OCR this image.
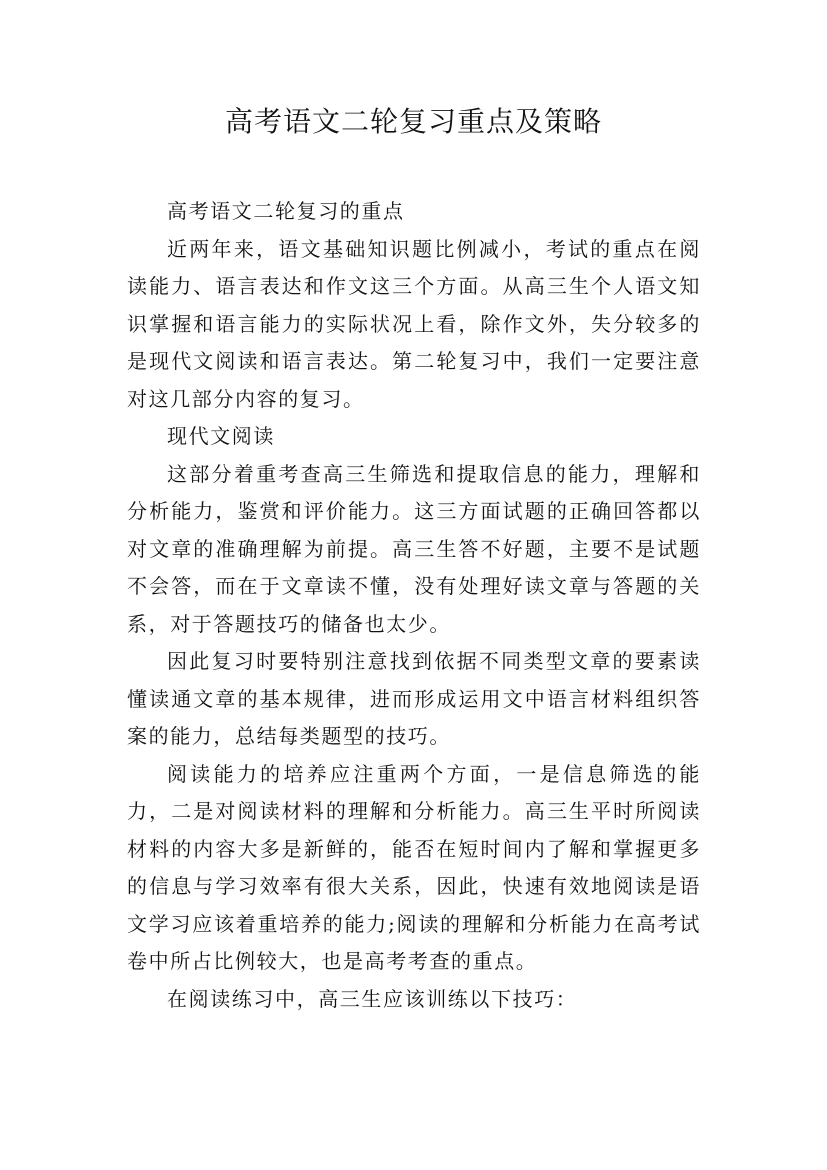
高考语文二轮复习重点及策略

高考语文二轮复习的重点

近两年来，语文基础知识题比例减小，考试的重点在阅读能力、语言表达和作文这三个方面。从高三生个人语文知识掌握和语言能力的实际状况上看，除作文外，失分较多的是现代文阅读和语言表达。第二轮复习中，我们一定要注意对这几部分内容的复习。

现代文阅读

这部分着重考查高三生筛选和提取信息的能力，理解和分析能力，鉴赏和评价能力。这三方面试题的正确回答都以对文章的准确理解为前提。高三生答不好题，主要不是试题不会答，而在于文章读不懂，没有处理好读文章与答题的关系，对于答题技巧的储备也太少。

因此复习时要特别注意找到依据不同类型文章的要素读懂读通文章的基本规律，进而形成运用文中语言材料组织答案的能力，总结每类题型的技巧。

阅读能力的培养应注重两个方面，一是信息筛选的能力，二是对阅读材料的理解和分析能力。高三生平时所阅读材料的内容大多是新鲜的，能否在短时间内了解和掌握更多的信息与学习效率有很大关系，因此，快速有效地阅读是语文学习应该着重培养的能力;阅读的理解和分析能力在高考试卷中所占比例较大，也是高考考查的重点。

在阅读练习中，高三生应该训练以下技巧：
